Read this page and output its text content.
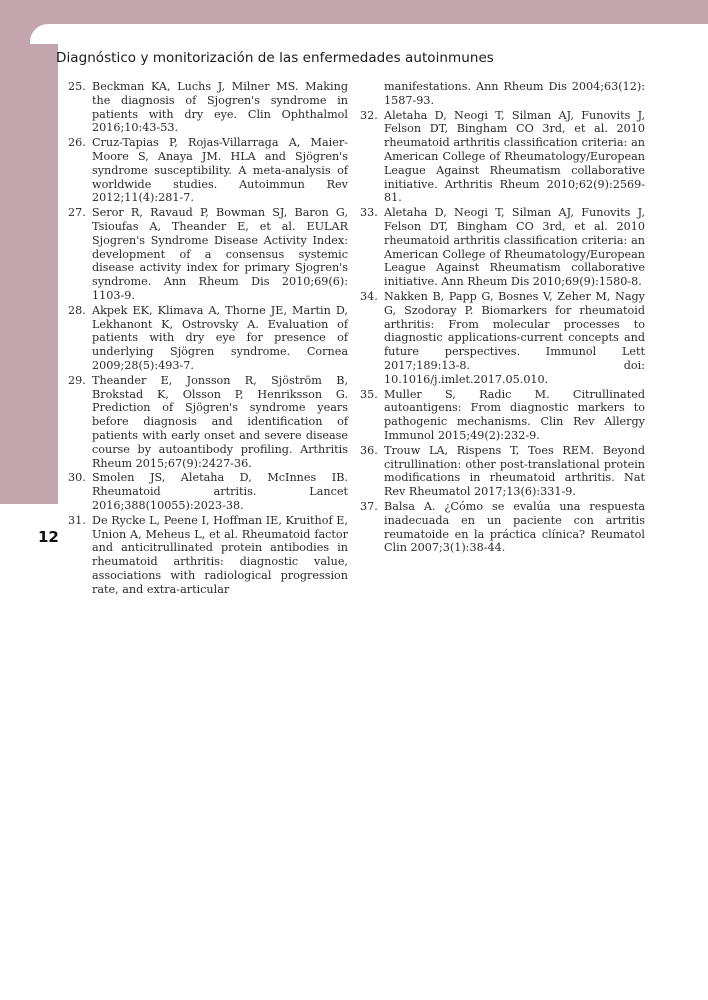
Diagnóstico y monitorización de las enfermedades autoinmunes
25. Beckman KA, Luchs J, Milner MS. Making the diagnosis of Sjogren's syndrome in patients with dry eye. Clin Ophthalmol 2016;10:43-53.
26. Cruz-Tapias P, Rojas-Villarraga A, Maier-Moore S, Anaya JM. HLA and Sjögren's syndrome susceptibility. A meta-analysis of worldwide studies. Autoimmun Rev 2012;11(4):281-7.
27. Seror R, Ravaud P, Bowman SJ, Baron G, Tsioufas A, Theander E, et al. EULAR Sjogren's Syndrome Disease Activity Index: development of a consensus systemic disease activity index for primary Sjogren's syndrome. Ann Rheum Dis 2010;69(6): 1103-9.
28. Akpek EK, Klimava A, Thorne JE, Martin D, Lekhanont K, Ostrovsky A. Evaluation of patients with dry eye for presence of underlying Sjögren syndrome. Cornea 2009;28(5):493-7.
29. Theander E, Jonsson R, Sjöström B, Brokstad K, Olsson P, Henriksson G. Prediction of Sjögren's syndrome years before diagnosis and identification of patients with early onset and severe disease course by autoantibody profiling. Arthritis Rheum 2015;67(9):2427-36.
30. Smolen JS, Aletaha D, McInnes IB. Rheumatoid artritis. Lancet 2016;388(10055):2023-38.
31. De Rycke L, Peene I, Hoffman IE, Kruithof E, Union A, Meheus L, et al. Rheumatoid factor and anticitrullinated protein antibodies in rheumatoid arthritis: diagnostic value, associations with radiological progression rate, and extra-articular
manifestations. Ann Rheum Dis 2004;63(12): 1587-93.
32. Aletaha D, Neogi T, Silman AJ, Funovits J, Felson DT, Bingham CO 3rd, et al. 2010 rheumatoid arthritis classification criteria: an American College of Rheumatology/European League Against Rheumatism collaborative initiative. Arthritis Rheum 2010;62(9):2569-81.
33. Aletaha D, Neogi T, Silman AJ, Funovits J, Felson DT, Bingham CO 3rd, et al. 2010 rheumatoid arthritis classification criteria: an American College of Rheumatology/European League Against Rheumatism collaborative initiative. Ann Rheum Dis 2010;69(9):1580-8.
34. Nakken B, Papp G, Bosnes V, Zeher M, Nagy G, Szodoray P. Biomarkers for rheumatoid arthritis: From molecular processes to diagnostic applications-current concepts and future perspectives. Immunol Lett 2017;189:13-8. doi: 10.1016/j.imlet.2017.05.010.
35. Muller S, Radic M. Citrullinated autoantigens: From diagnostic markers to pathogenic mechanisms. Clin Rev Allergy Immunol 2015;49(2):232-9.
36. Trouw LA, Rispens T, Toes REM. Beyond citrullination: other post-translational protein modifications in rheumatoid arthritis. Nat Rev Rheumatol 2017;13(6):331-9.
37. Balsa A. ¿Cómo se evalúa una respuesta inadecuada en un paciente con artritis reumatoide en la práctica clínica? Reumatol Clin 2007;3(1):38-44.
12
